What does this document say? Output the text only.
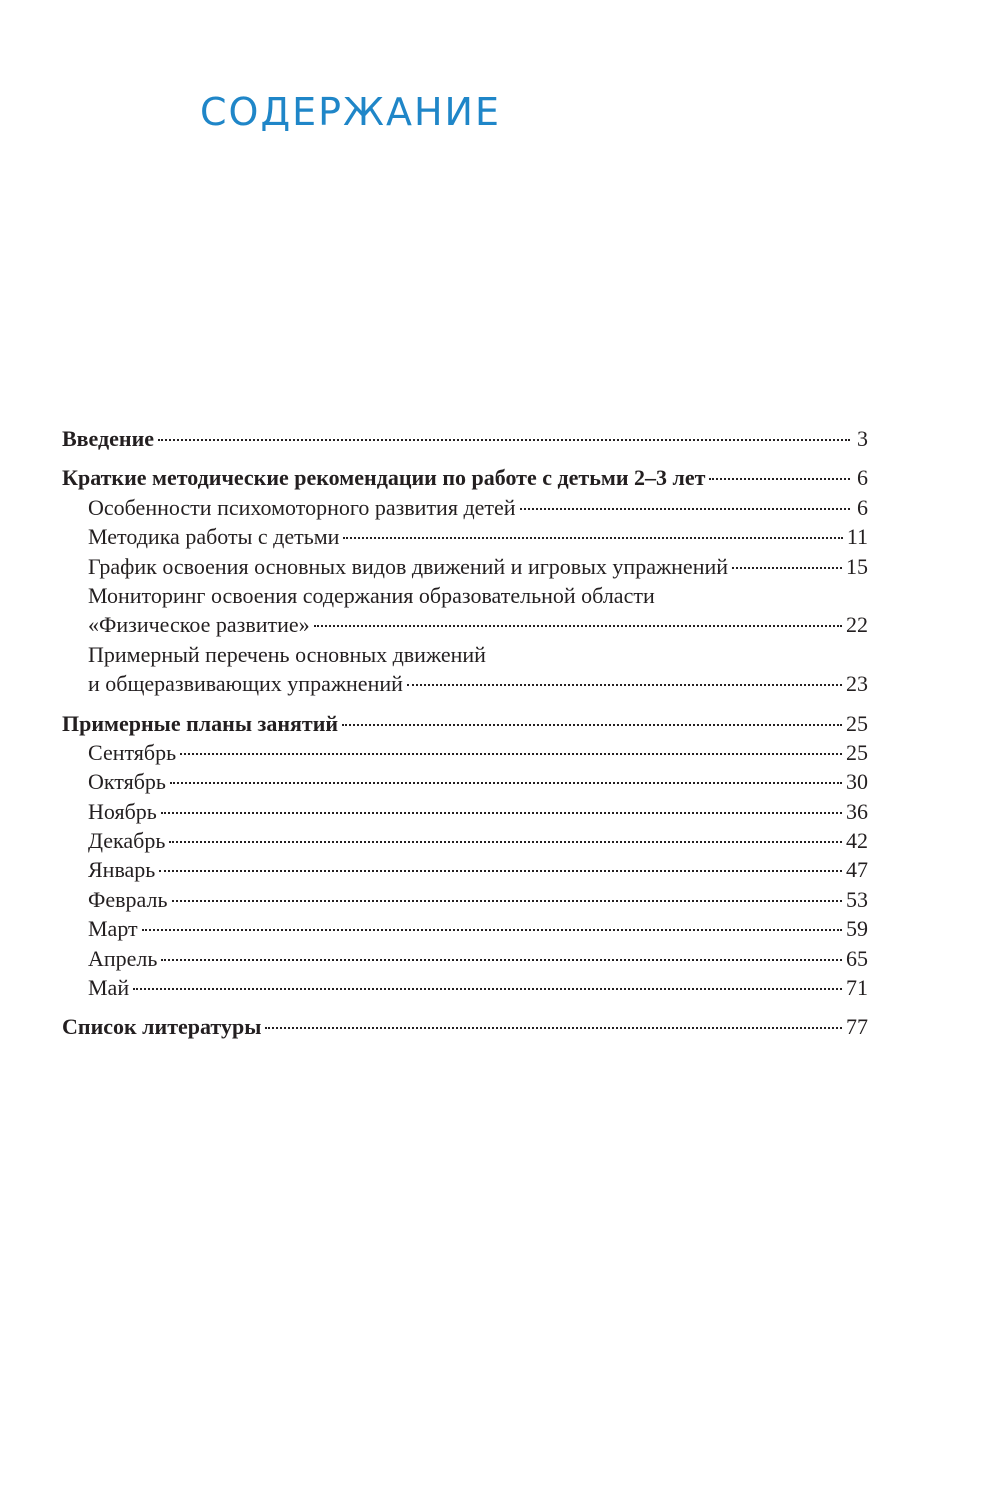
СОДЕРЖАНИЕ
Введение	3
Краткие методические рекомендации по работе с детьми 2–3 лет	6
Особенности психомоторного развития детей	6
Методика работы с детьми	11
График освоения основных видов движений и игровых упражнений	15
Мониторинг освоения содержания образовательной области
«Физическое развитие»	22
Примерный перечень основных движений
и общеразвивающих упражнений	23
Примерные планы занятий	25
Сентябрь	25
Октябрь	30
Ноябрь	36
Декабрь	42
Январь	47
Февраль	53
Март	59
Апрель	65
Май	71
Список литературы	77
